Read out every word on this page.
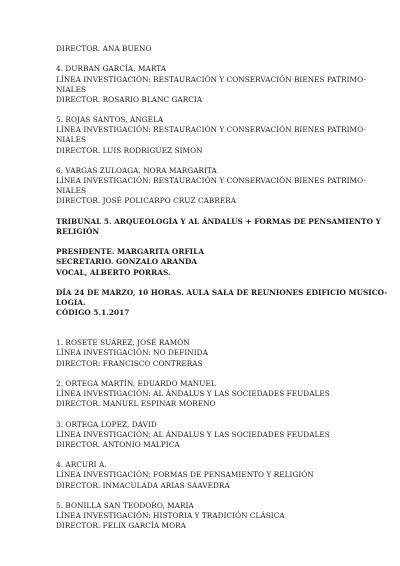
DIRECTOR. ANA BUENO
4. DURBAN GARCÍA, MARTA
LÍNEA INVESTIGACIÓN: RESTAURACIÓN Y CONSERVACIÓN BIENES PATRIMO-
NIALES
DIRECTOR. ROSARIO BLANC GARCIA
5. ROJAS SANTOS, ÁNGELA
LÍNEA INVESTIGACIÓN: RESTAURACIÓN Y CONSERVACIÓN BIENES PATRIMO-
NIALES
DIRECTOR. LUIS RODRIGUEZ SIMON
6. VARGAS ZULOAGA, NORA MARGARITA
LÍNEA INVESTIGACIÓN: RESTAURACIÓN Y CONSERVACIÓN BIENES PATRIMO-
NIALES
DIRECTOR. JOSÉ POLICARPO CRUZ CABRERA
TRIBUNAL 5. ARQUEOLOGÍA Y AL ÁNDALUS + FORMAS DE PENSAMIENTO Y
RELIGIÓN
PRESIDENTE. MARGARITA ORFILA
SECRETARIO. GONZALO ARANDA
VOCAL, ALBERTO PORRAS.
DÍA 24 DE MARZO, 10 HORAS. AULA SALA DE REUNIONES EDIFICIO MUSICO-
LOGIA.
CÓDIGO 5.1.2017
1. ROSETE SUÁREZ, JOSÉ RAMÓN
LÍNEA INVESTIGACIÓN: NO DEFINIDA
DIRECTOR: FRANCISCO CONTRERAS
2. ORTEGA MARTÍN, EDUARDO MANUEL
LÍNEA INVESTIGACIÓN: AL ÁNDALUS Y LAS SOCIEDADES FEUDALES
DIRECTOR. MANUEL ESPINAR MORENO
3. ORTEGA LOPEZ, DAVID
LÍNEA INVESTIGACIÓN: AL ÁNDALUS Y LAS SOCIEDADES FEUDALES
DIRECTOR. ANTONIO MALPICA
4. ARCURI A.
LÍNEA INVESTIGACIÓN: FORMAS DE PENSAMIENTO Y RELIGIÓN
DIRECTOR. INMACULADA ARIAS SAAVEDRA
5. BONILLA SAN TEODORO, MARIA
LÍNEA INVESTIGACIÓN: HISTORIA Y TRADICIÓN CLÁSICA
DIRECTOR. FELIX GARCÍA MORA
